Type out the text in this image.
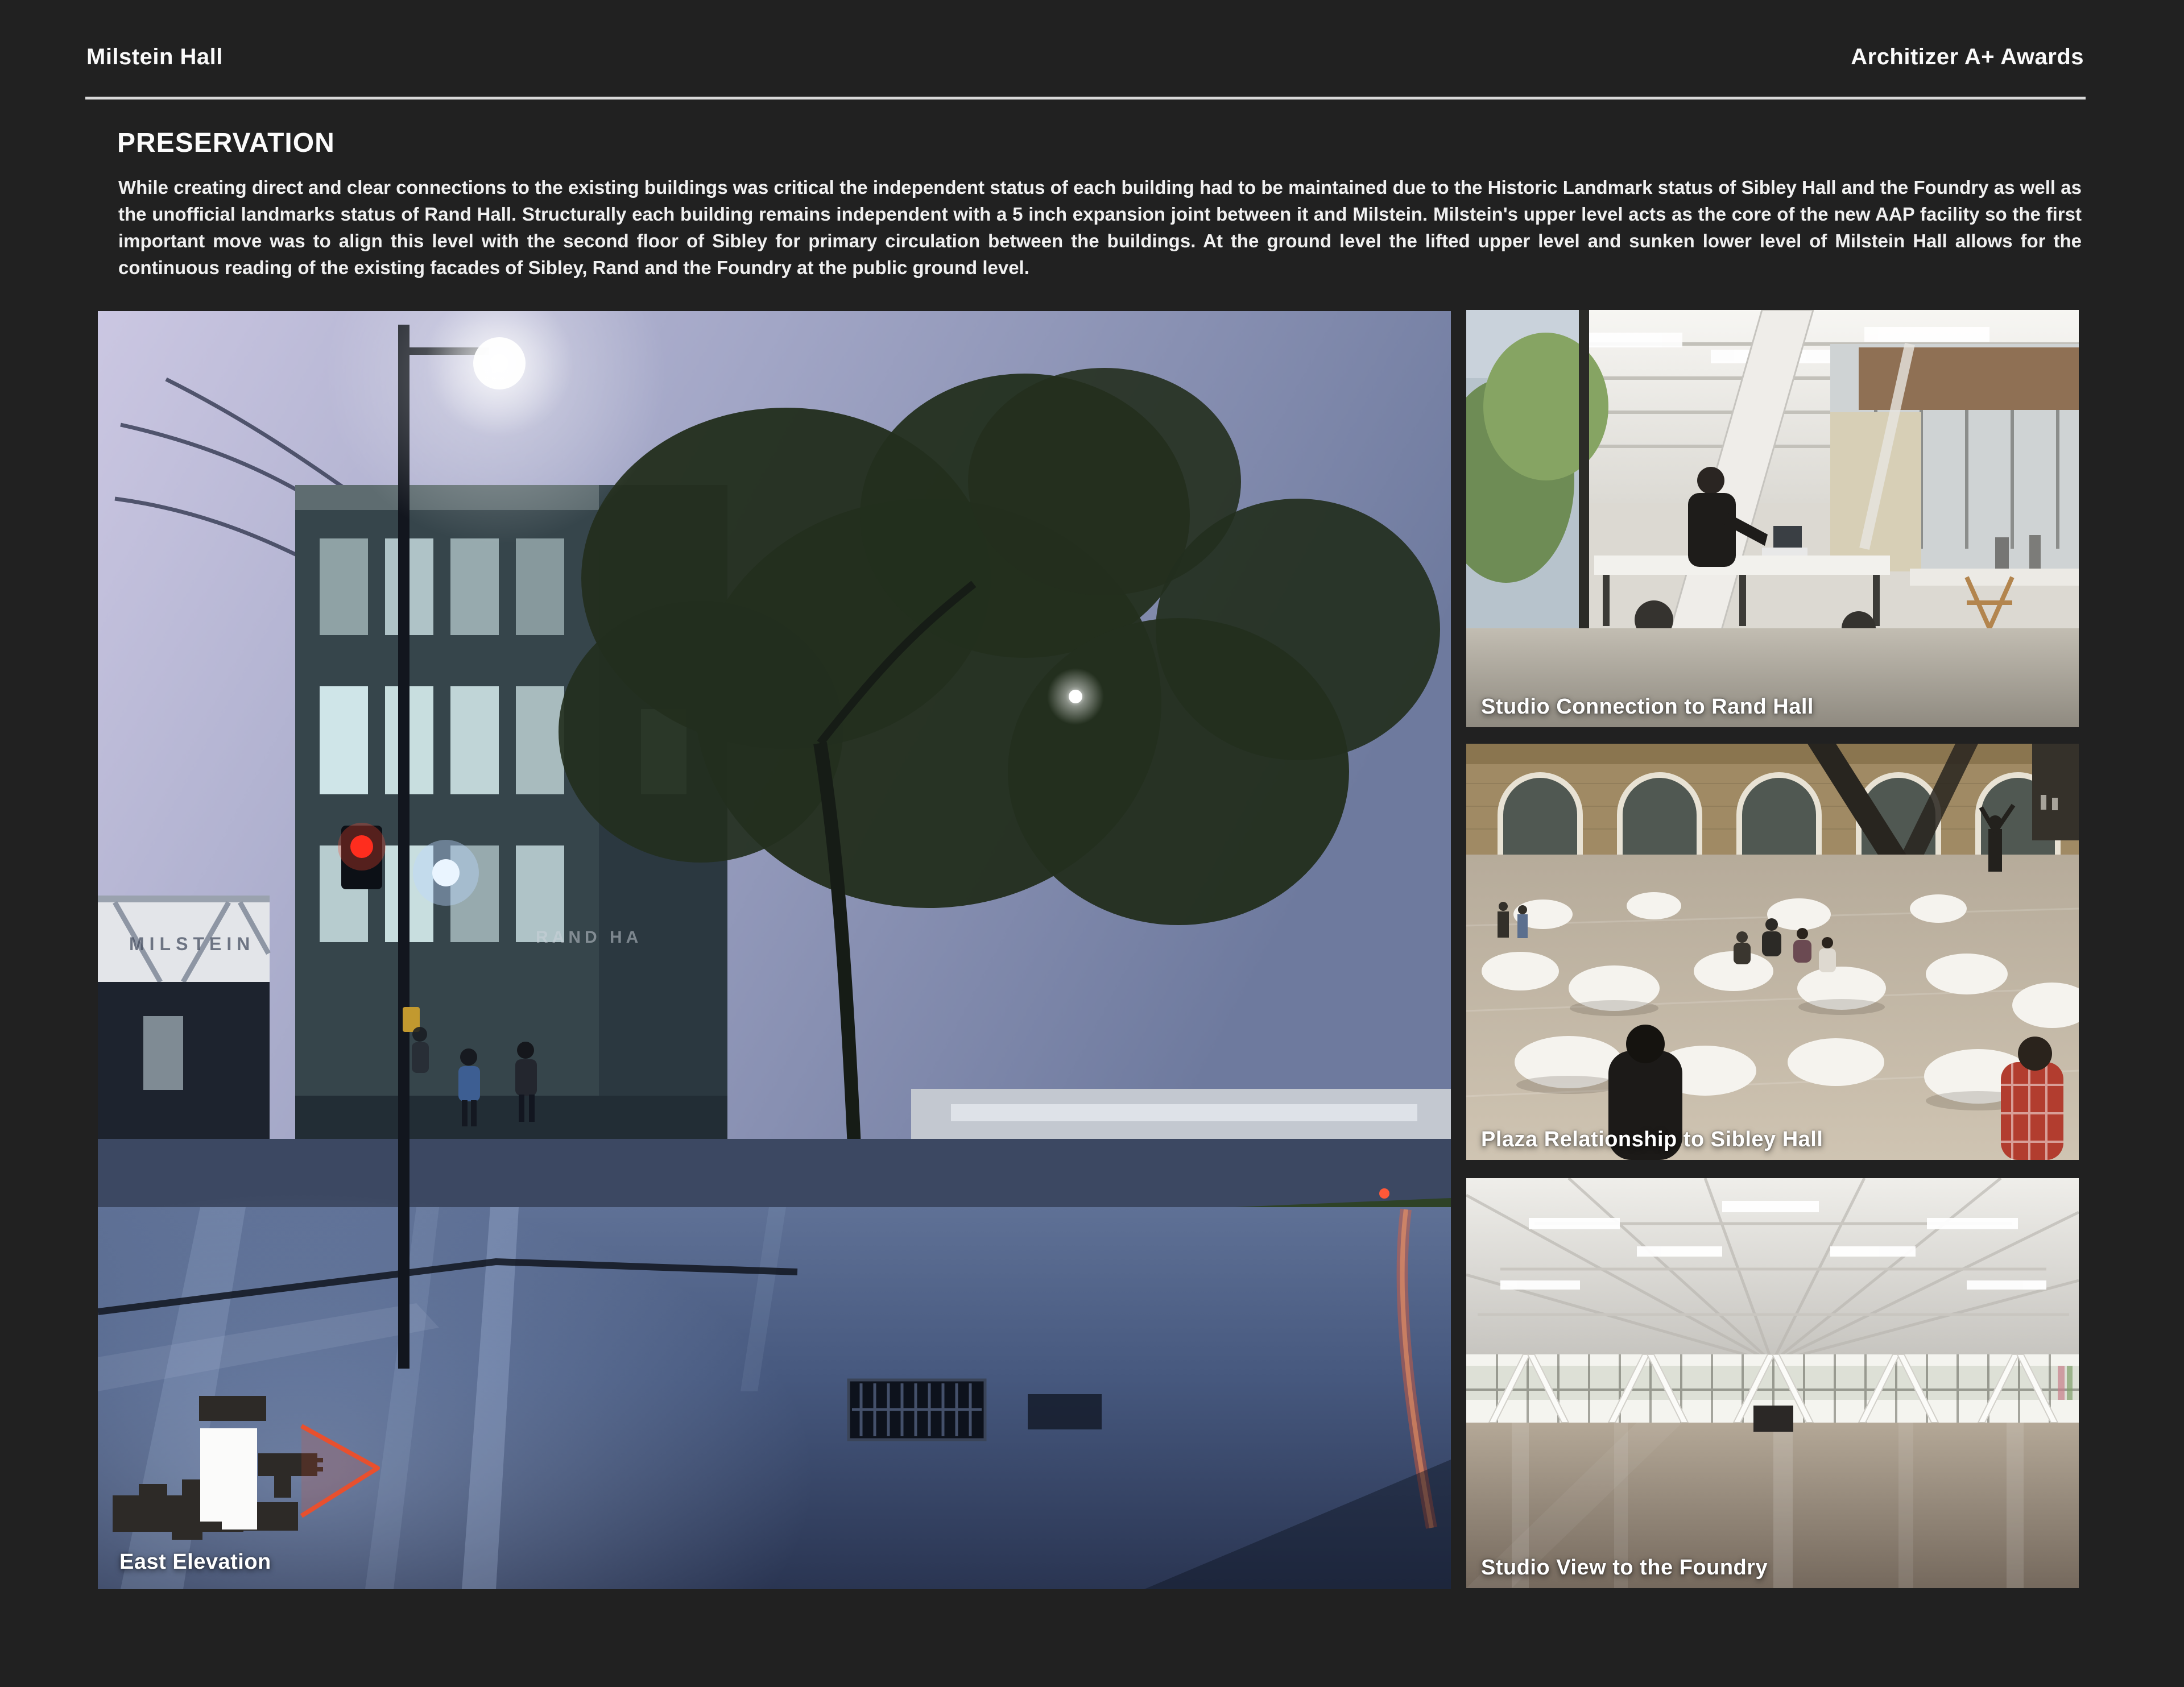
Milstein Hall	Architizer A+ Awards
PRESERVATION

While creating direct and clear connections to the existing buildings was critical the independent status of each building had to be maintained due to the Historic Landmark status of Sibley Hall and the Foundry as well as the unofficial landmarks status of Rand Hall. Structurally each building remains independent with a 5 inch expansion joint between it and Milstein. Milstein's upper level acts as the core of the new AAP facility so the first important move was to align this level with the second floor of Sibley for primary circulation between the buildings. At the ground level the lifted upper level and sunken lower level of Milstein Hall allows for the continuous reading of the existing facades of Sibley, Rand and the Foundry at the public ground level.

RAND HA
MILSTEIN
East Elevation
Studio Connection to Rand Hall
Plaza Relationship to Sibley Hall
Studio View to the Foundry
